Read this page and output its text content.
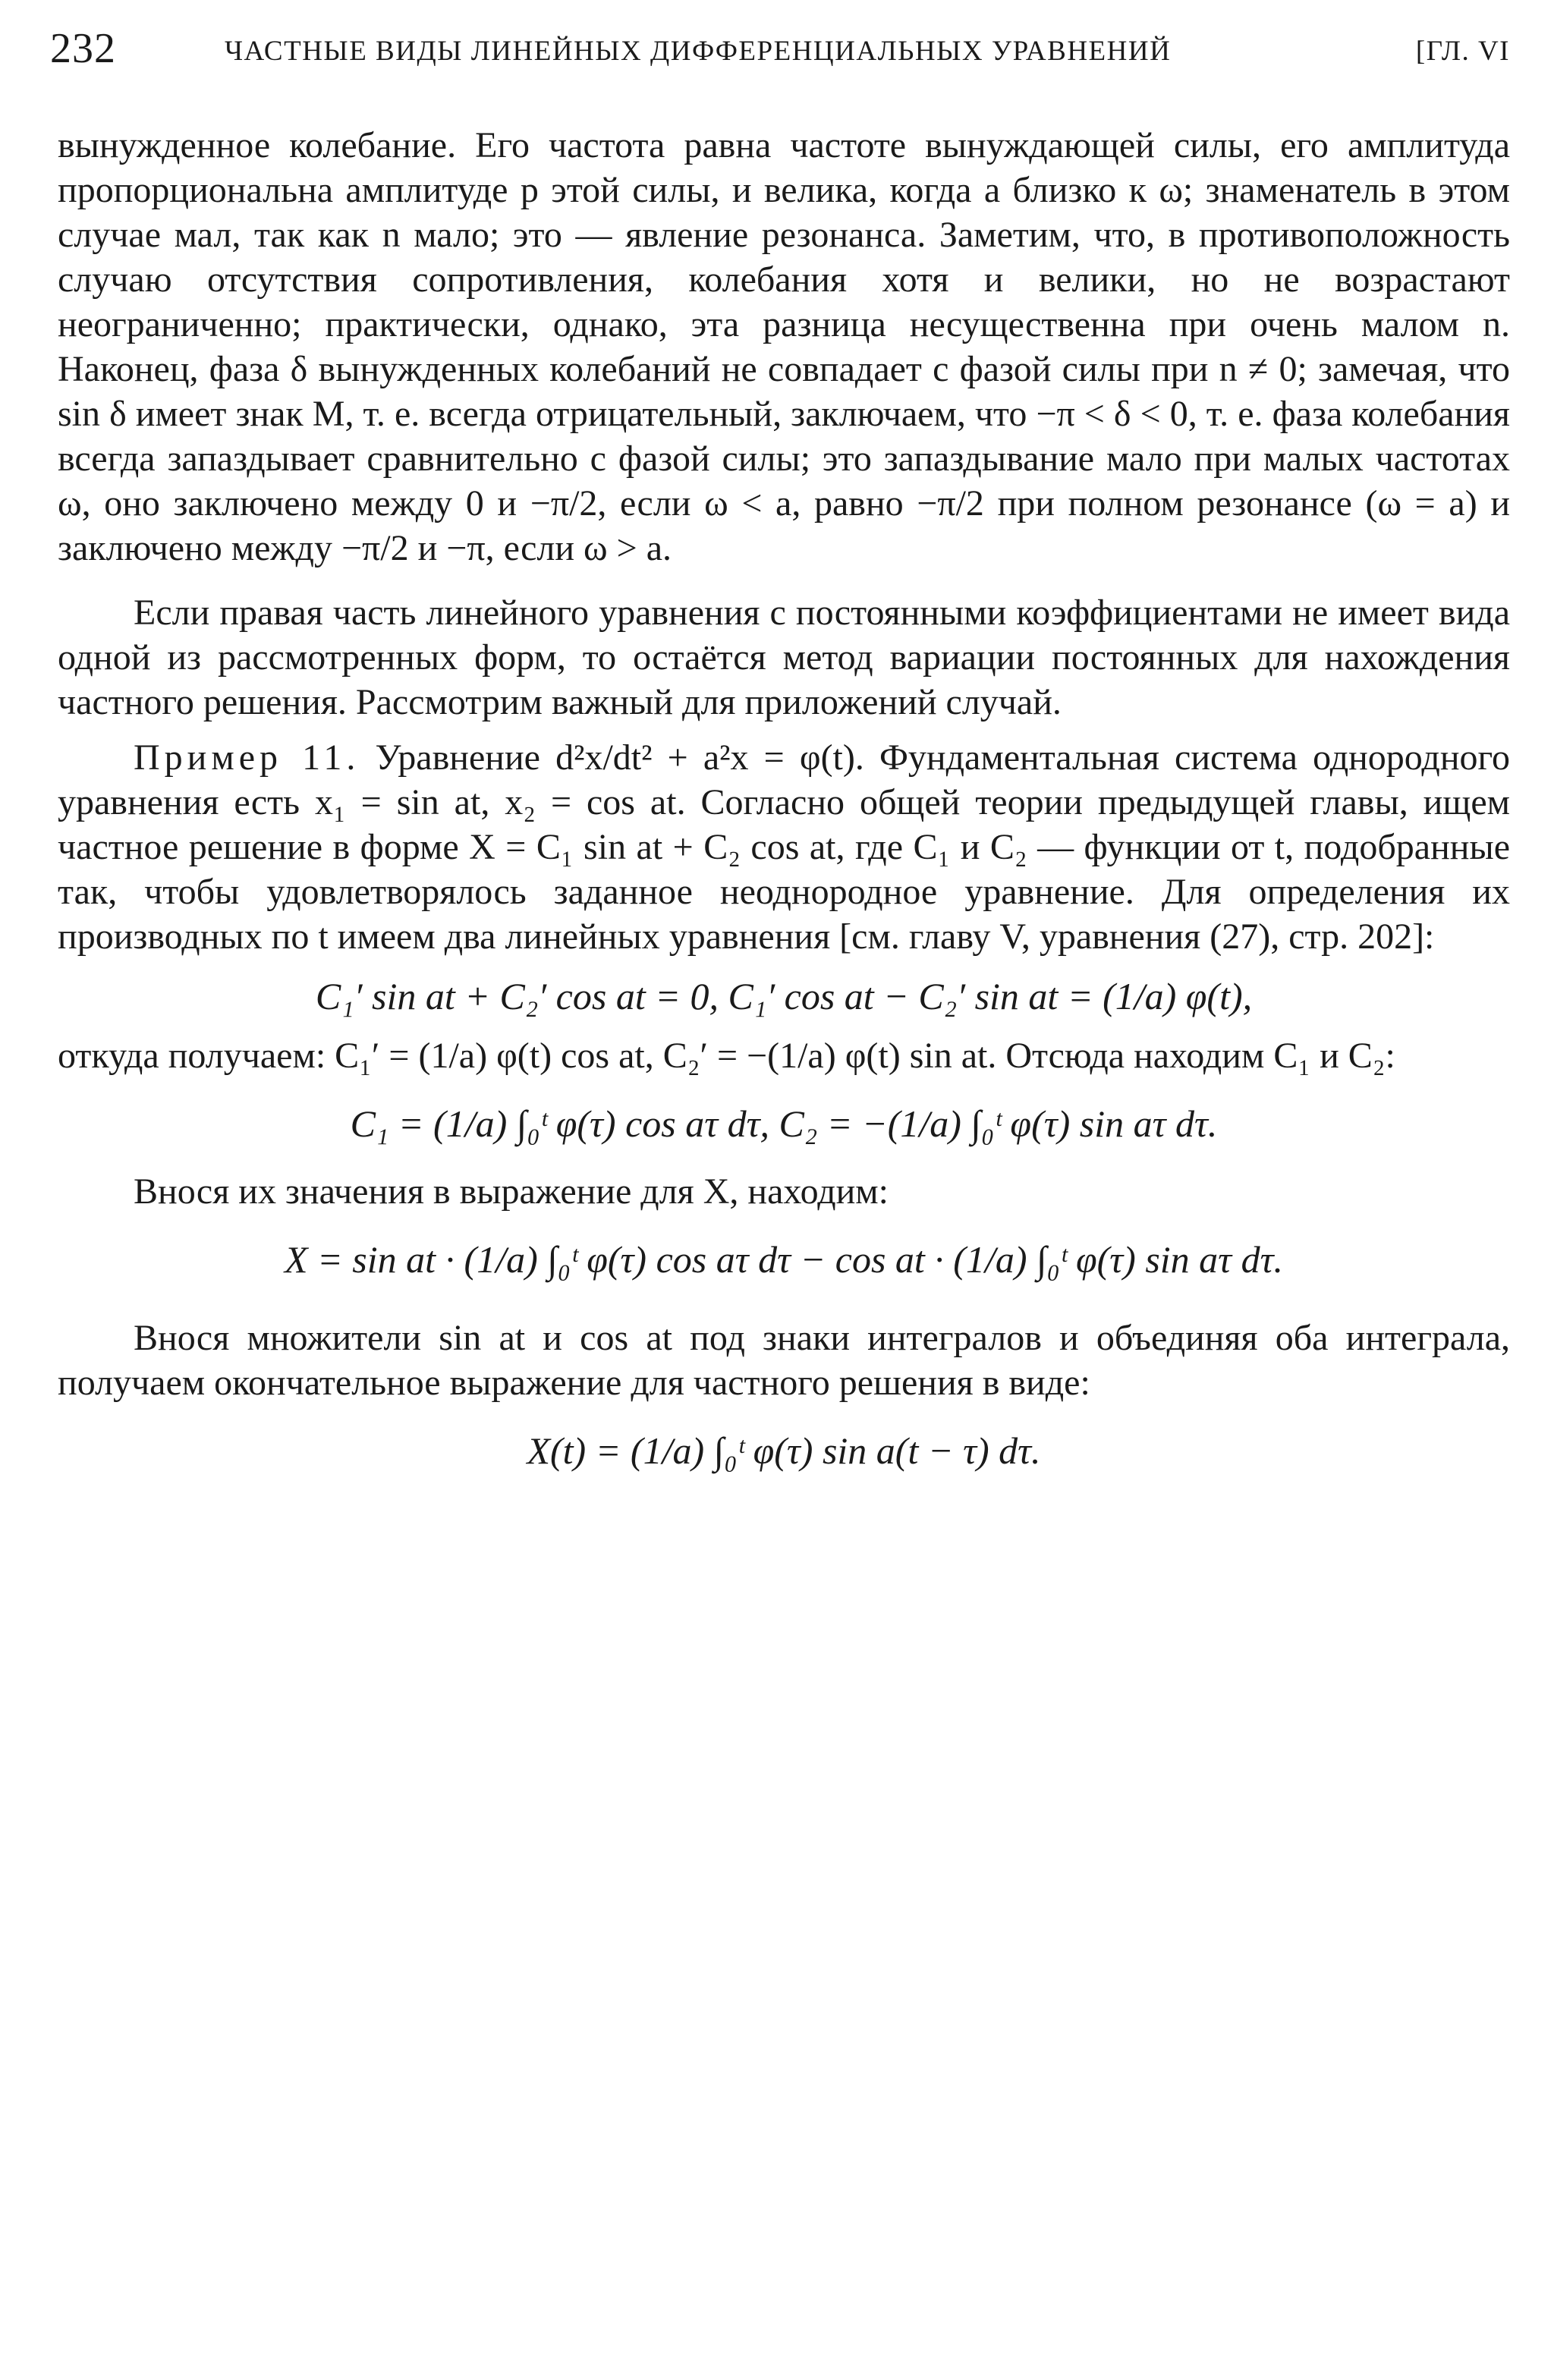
232	ЧАСТНЫЕ ВИДЫ ЛИНЕЙНЫХ ДИФФЕРЕНЦИАЛЬНЫХ УРАВНЕНИЙ	[ГЛ. VI

вынужденное колебание. Его частота равна частоте вынуждающей силы, его амплитуда пропорциональна амплитуде p этой силы, и велика, когда a близко к ω; знаменатель в этом случае мал, так как n мало; это — явление резонанса. Заметим, что, в противоположность случаю отсутствия сопротивления, колебания хотя и велики, но не возрастают неограниченно; практически, однако, эта разница несущественна при очень малом n. Наконец, фаза δ вынужденных колебаний не совпадает с фазой силы при n ≠ 0; замечая, что sin δ имеет знак M, т. е. всегда отрицательный, заключаем, что −π < δ < 0, т. е. фаза колебания всегда запаздывает сравнительно с фазой силы; это запаздывание мало при малых частотах ω, оно заключено между 0 и −π/2, если ω < a, равно −π/2 при полном резонансе (ω = a) и заключено между −π/2 и −π, если ω > a.

Если правая часть линейного уравнения с постоянными коэффициентами не имеет вида одной из рассмотренных форм, то остаётся метод вариации постоянных для нахождения частного решения. Рассмотрим важный для приложений случай.

Пример 11. Уравнение d²x/dt² + a²x = φ(t). Фундаментальная система однородного уравнения есть x₁ = sin at, x₂ = cos at. Согласно общей теории предыдущей главы, ищем частное решение в форме X = C₁ sin at + C₂ cos at, где C₁ и C₂ — функции от t, подобранные так, чтобы удовлетворялось заданное неоднородное уравнение. Для определения их производных по t имеем два линейных уравнения [см. главу V, уравнения (27), стр. 202]:

C₁′ sin at + C₂′ cos at = 0, C₁′ cos at − C₂′ sin at = (1/a) φ(t),

откуда получаем: C₁′ = (1/a) φ(t) cos at, C₂′ = −(1/a) φ(t) sin at. Отсюда находим C₁ и C₂:

C₁ = (1/a) ∫₀ᵗ φ(τ) cos aτ dτ, C₂ = −(1/a) ∫₀ᵗ φ(τ) sin aτ dτ.

Внося их значения в выражение для X, находим:

X = sin at · (1/a) ∫₀ᵗ φ(τ) cos aτ dτ − cos at · (1/a) ∫₀ᵗ φ(τ) sin aτ dτ.

Внося множители sin at и cos at под знаки интегралов и объединяя оба интеграла, получаем окончательное выражение для частного решения в виде:

X(t) = (1/a) ∫₀ᵗ φ(τ) sin a(t − τ) dτ.
